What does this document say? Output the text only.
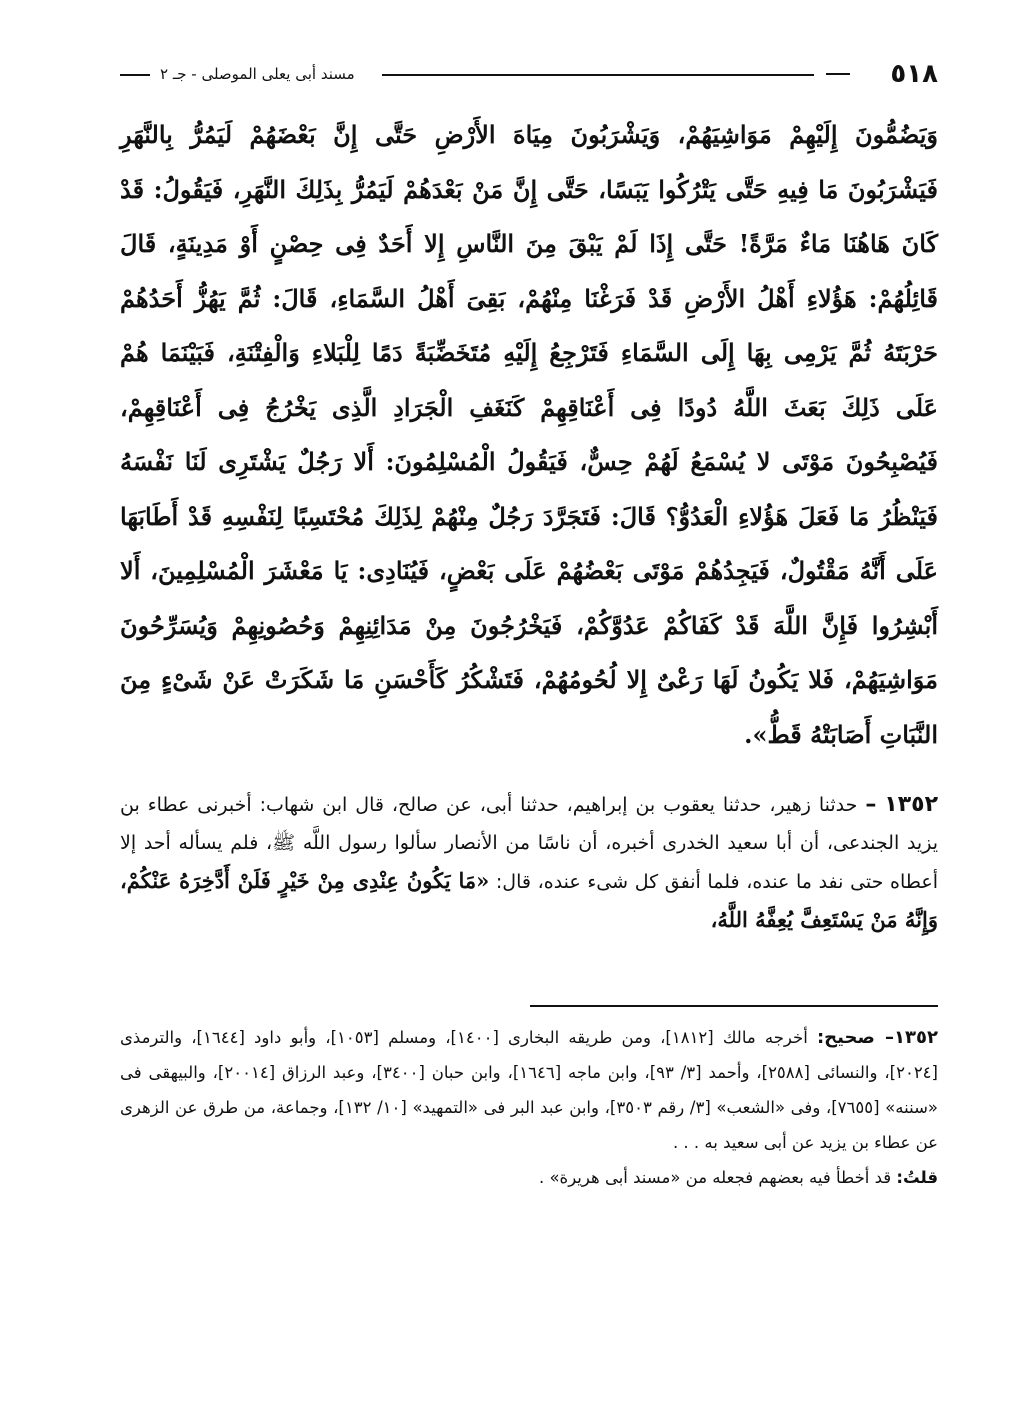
٥١٨
مسند أبى يعلى الموصلى - جـ ٢

وَيَضُمُّونَ إِلَيْهِمْ مَوَاشِيَهُمْ، وَيَشْرَبُونَ مِيَاهَ الأَرْضِ حَتَّى إِنَّ بَعْضَهُمْ لَيَمُرُّ بِالنَّهَرِ فَيَشْرَبُونَ مَا فِيهِ حَتَّى يَتْرُكُوا يَبَسًا، حَتَّى إِنَّ مَنْ بَعْدَهُمْ لَيَمُرُّ بِذَلِكَ النَّهَرِ، فَيَقُولُ: قَدْ كَانَ هَاهُنَا مَاءٌ مَرَّةً! حَتَّى إِذَا لَمْ يَبْقَ مِنَ النَّاسِ إِلا أَحَدٌ فِى حِصْنٍ أَوْ مَدِينَةٍ، قَالَ قَائِلُهُمْ: هَؤُلاءِ أَهْلُ الأَرْضِ قَدْ فَرَغْنَا مِنْهُمْ، بَقِىَ أَهْلُ السَّمَاءِ، قَالَ: ثُمَّ يَهُزُّ أَحَدُهُمْ حَرْبَتَهُ ثُمَّ يَرْمِى بِهَا إِلَى السَّمَاءِ فَتَرْجِعُ إِلَيْهِ مُتَخَضِّبَةً دَمًا لِلْبَلاءِ وَالْفِتْنَةِ، فَبَيْنَمَا هُمْ عَلَى ذَلِكَ بَعَثَ اللَّهُ دُودًا فِى أَعْنَاقِهِمْ كَنَغَفِ الْجَرَادِ الَّذِى يَخْرُجُ فِى أَعْنَاقِهِمْ، فَيُصْبِحُونَ مَوْتَى لا يُسْمَعُ لَهُمْ حِسٌّ، فَيَقُولُ الْمُسْلِمُونَ: أَلا رَجُلٌ يَشْتَرِى لَنَا نَفْسَهُ فَيَنْظُرُ مَا فَعَلَ هَؤُلاءِ الْعَدُوُّ؟ قَالَ: فَتَجَرَّدَ رَجُلٌ مِنْهُمْ لِذَلِكَ مُحْتَسِبًا لِنَفْسِهِ قَدْ أَطَابَهَا عَلَى أَنَّهُ مَقْتُولٌ، فَيَجِدُهُمْ مَوْتَى بَعْضُهُمْ عَلَى بَعْضٍ، فَيُنَادِى: يَا مَعْشَرَ الْمُسْلِمِينَ، أَلا أَبْشِرُوا فَإِنَّ اللَّهَ قَدْ كَفَاكُمْ عَدُوَّكُمْ، فَيَخْرُجُونَ مِنْ مَدَائِنِهِمْ وَحُصُونِهِمْ وَيُسَرِّحُونَ مَوَاشِيَهُمْ، فَلا يَكُونُ لَهَا رَعْىٌ إِلا لُحُومُهُمْ، فَتَشْكُرُ كَأَحْسَنِ مَا شَكَرَتْ عَنْ شَىْءٍ مِنَ النَّبَاتِ أَصَابَتْهُ قَطُّ».

١٣٥٢ – حدثنا زهير، حدثنا يعقوب بن إبراهيم، حدثنا أبى، عن صالح، قال ابن شهاب: أخبرنى عطاء بن يزيد الجندعى، أن أبا سعيد الخدرى أخبره، أن ناسًا من الأنصار سألوا رسول اللَّه ﷺ، فلم يسأله أحد إلا أعطاه حتى نفد ما عنده، فلما أنفق كل شىء عنده، قال: «مَا يَكُونُ عِنْدِى مِنْ خَيْرٍ فَلَنْ أَدَّخِرَهُ عَنْكُمْ، وَإِنَّهُ مَنْ يَسْتَعِفَّ يُعِفَّهُ اللَّهُ،

١٣٥٢– صحيح: أخرجه مالك [١٨١٢]، ومن طريقه البخارى [١٤٠٠]، ومسلم [١٠٥٣]، وأبو داود [١٦٤٤]، والترمذى [٢٠٢٤]، والنسائى [٢٥٨٨]، وأحمد [٣/ ٩٣]، وابن ماجه [١٦٤٦]، وابن حبان [٣٤٠٠]، وعبد الرزاق [٢٠٠١٤]، والبيهقى فى «سننه» [٧٦٥٥]، وفى «الشعب» [٣/ رقم ٣٥٠٣]، وابن عبد البر فى «التمهيد» [١٠/ ١٣٢]، وجماعة، من طرق عن الزهرى عن عطاء بن يزيد عن أبى سعيد به . . .

قلتُ: قد أخطأ فيه بعضهم فجعله من «مسند أبى هريرة» .
